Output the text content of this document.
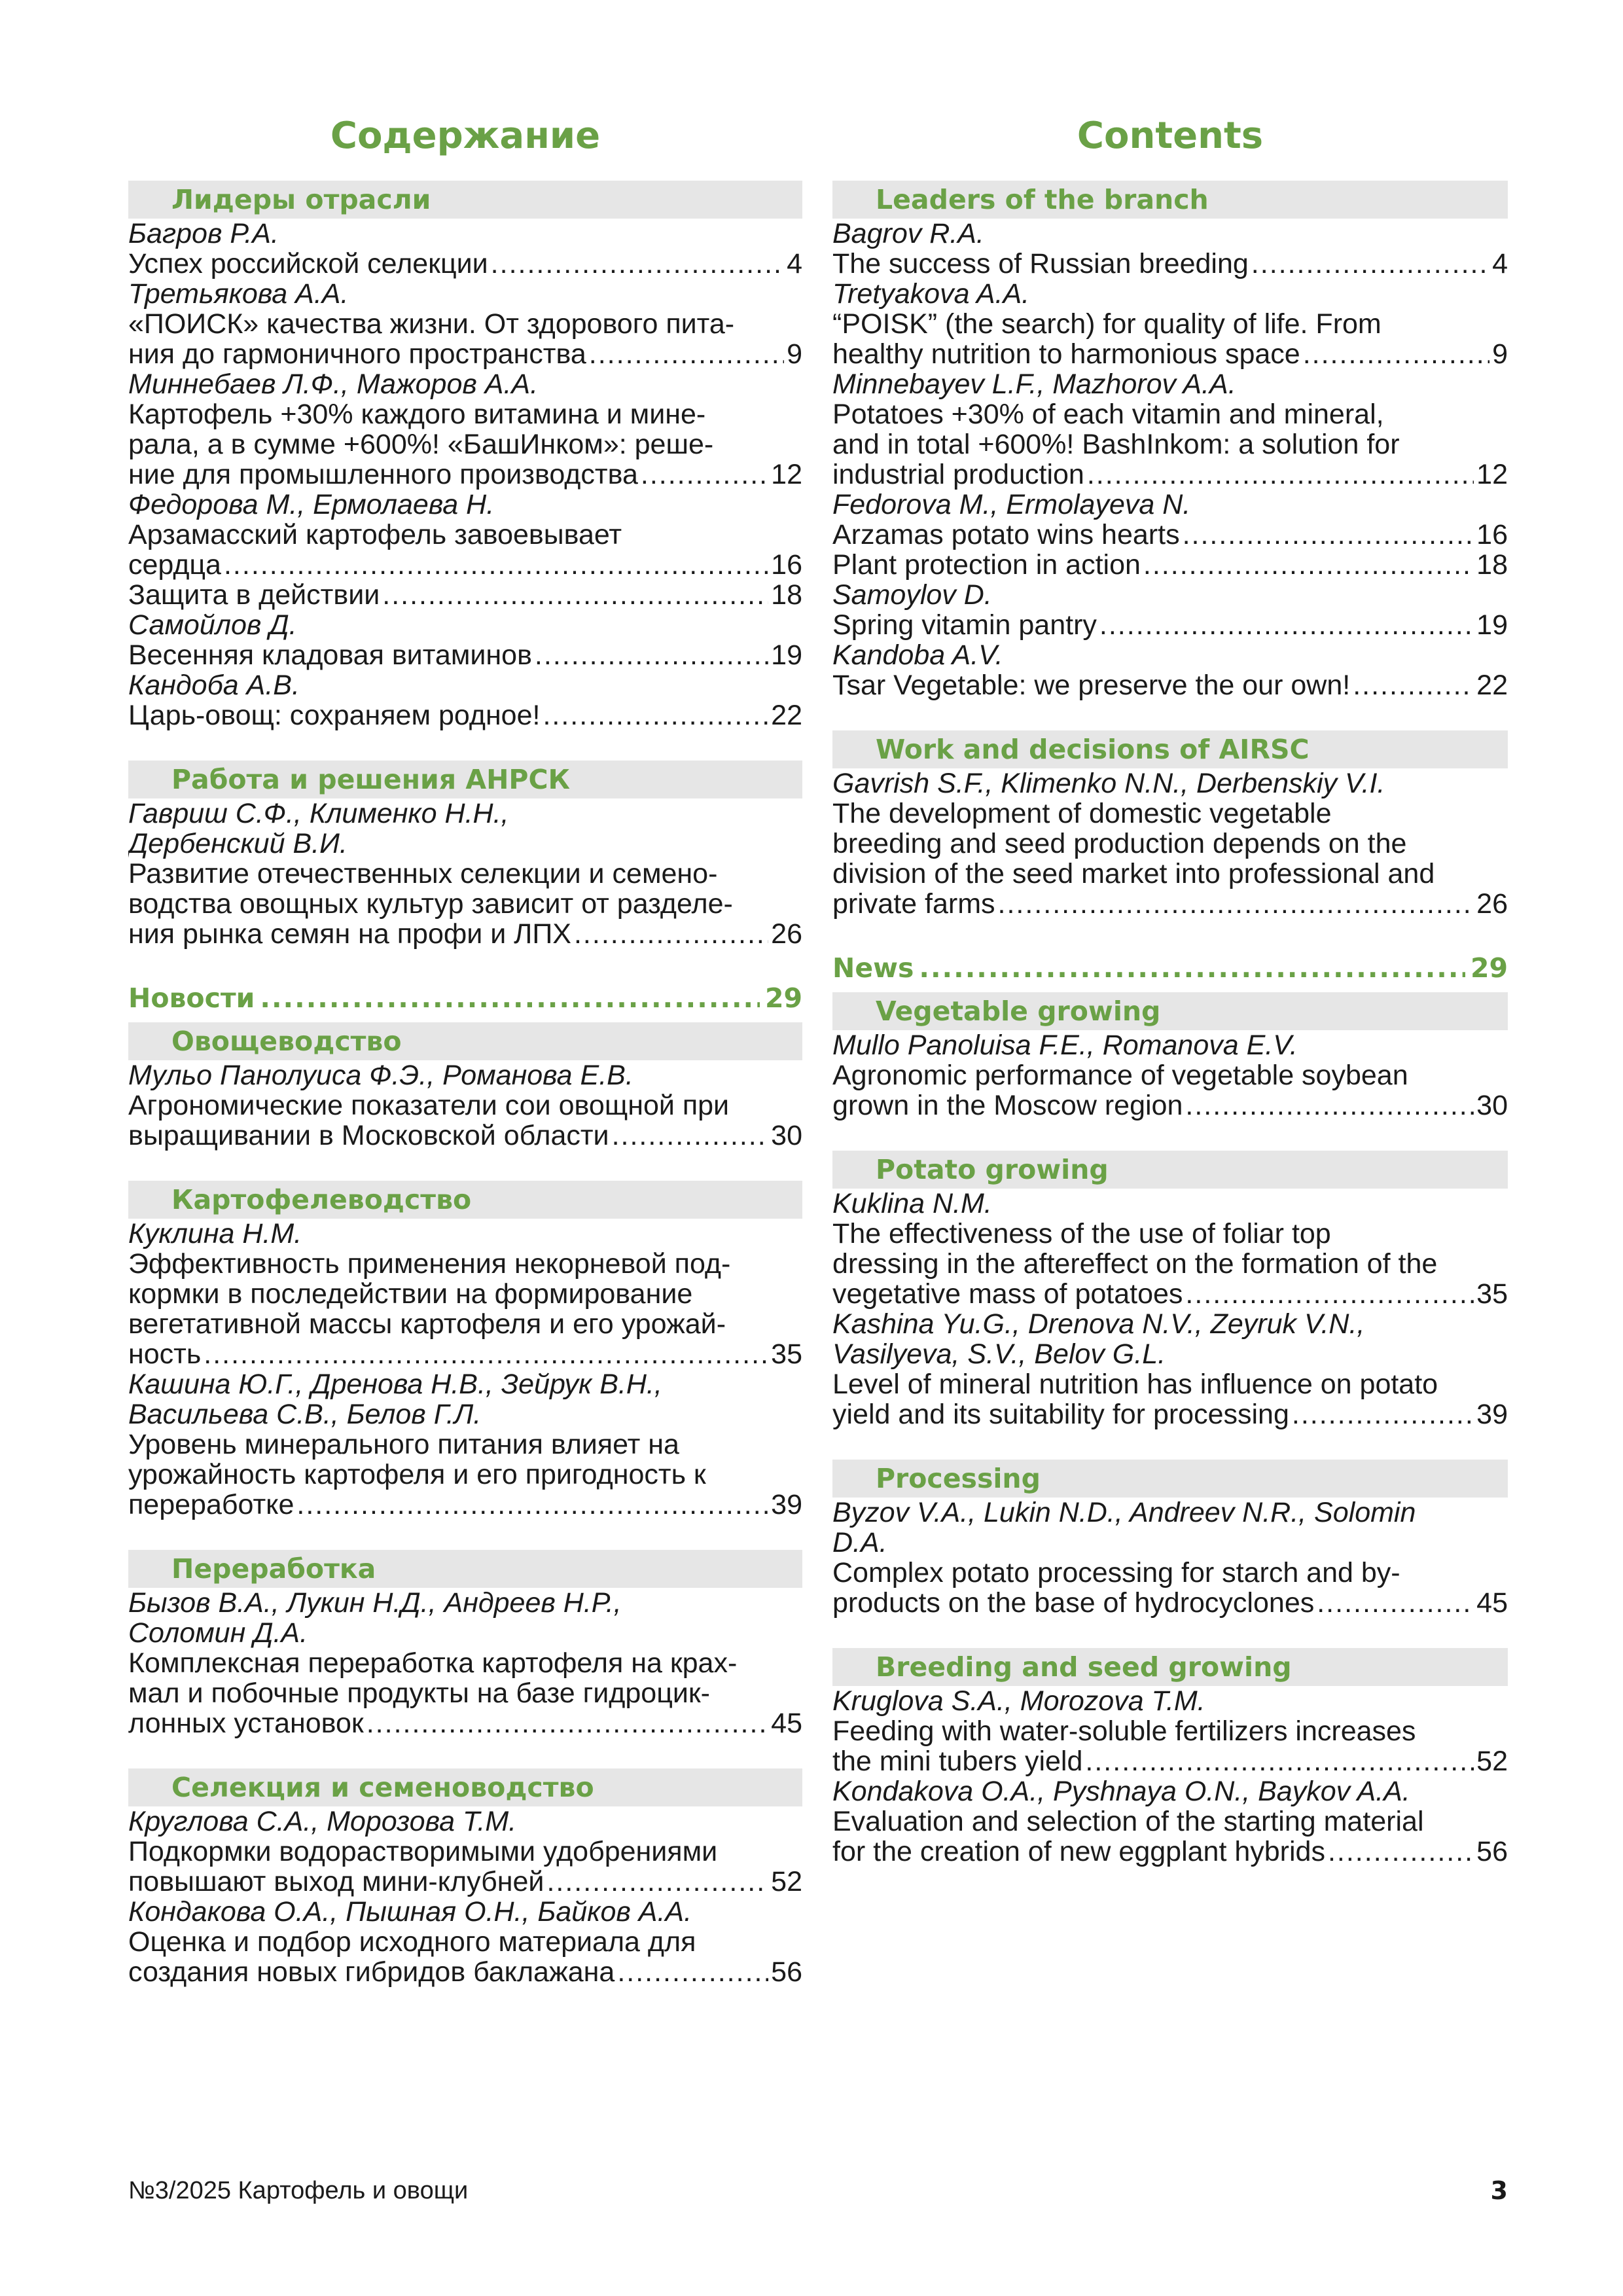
Содержание
Лидеры отрасли
Багров Р.А.
Успех российской селекции .....	4
Третьякова А.А.
«ПОИСК» качества жизни. От здорового пита-
ния до гармоничного пространства .....	9
Миннебаев Л.Ф., Мажоров А.А.
Картофель +30% каждого витамина и мине-
рала, а в сумме +600%! «БашИнком»: реше-
ние для промышленного производства .....	12
Федорова М., Ермолаева Н.
Арзамасский картофель завоевывает
сердца .....	16
Защита в действии .....	18
Самойлов Д.
Весенняя кладовая витаминов .....	19
Кандоба А.В.
Царь-овощ: сохраняем родное! .....	22
Работа и решения АНРСК
Гавриш С.Ф., Клименко Н.Н.,
Дербенский В.И.
Развитие отечественных селекции и семено-
водства овощных культур зависит от разделе-
ния рынка семян на профи и ЛПХ .....	26
Новости .....	29
Овощеводство
Мульо Панолуиса Ф.Э., Романова Е.В.
Агрономические показатели сои овощной при
выращивании в Московской области .....	30
Картофелеводство
Куклина Н.М.
Эффективность применения некорневой под-
кормки в последействии на формирование
вегетативной массы картофеля и его урожай-
ность .....	35
Кашина Ю.Г., Дренова Н.В., Зейрук В.Н.,
Васильева С.В., Белов Г.Л.
Уровень минерального питания влияет на
урожайность картофеля и его пригодность к
переработке .....	39
Переработка
Бызов В.А., Лукин Н.Д., Андреев Н.Р.,
Соломин Д.А.
Комплексная переработка картофеля на крах-
мал и побочные продукты на базе гидроцик-
лонных установок .....	45
Селекция и семеноводство
Круглова С.А., Морозова Т.М.
Подкормки водорастворимыми удобрениями
повышают выход мини-клубней .....	52
Кондакова О.А., Пышная О.Н., Байков А.А.
Оценка и подбор исходного материала для
создания новых гибридов баклажана .....	56
Contents
Leaders of the branch
Bagrov R.A.
The success of Russian breeding .....	4
Tretyakova A.A.
“POISK” (the search) for quality of life. From
healthy nutrition to harmonious space .....	9
Minnebayev L.F., Mazhorov A.A.
Potatoes +30% of each vitamin and mineral,
and in total +600%! BashInkom: a solution for
industrial production .....	12
Fedorova M., Ermolayeva N.
Arzamas potato wins hearts .....	16
Plant protection in action .....	18
Samoylov D.
Spring vitamin pantry .....	19
Kandoba A.V.
Tsar Vegetable: we preserve the our own! .....	22
Work and decisions of AIRSC
Gavrish S.F., Klimenko N.N., Derbenskiy V.I.
The development of domestic vegetable
breeding and seed production depends on the
division of the seed market into professional and
private farms .....	26
News .....	29
Vegetable growing
Mullo Panoluisa F.E., Romanova E.V.
Agronomic performance of vegetable soybean
grown in the Moscow region .....	30
Potato growing
Kuklina N.M.
The effectiveness of the use of foliar top
dressing in the aftereffect on the formation of the
vegetative mass of potatoes .....	35
Kashina Yu.G., Drenova N.V., Zeyruk V.N.,
Vasilyeva, S.V., Belov G.L.
Level of mineral nutrition has influence on potato
yield and its suitability for processing .....	39
Processing
Byzov V.A., Lukin N.D., Andreev N.R., Solomin
D.A.
Complex potato processing for starch and by-
products on the base of hydrocyclones .....	45
Breeding and seed growing
Kruglova S.A., Morozova T.M.
Feeding with water-soluble fertilizers increases
the mini tubers yield .....	52
Kondakova O.A., Pyshnaya O.N., Baykov A.A.
Evaluation and selection of the starting material
for the creation of new eggplant hybrids .....	56
№3/2025 Картофель и овощи	3
